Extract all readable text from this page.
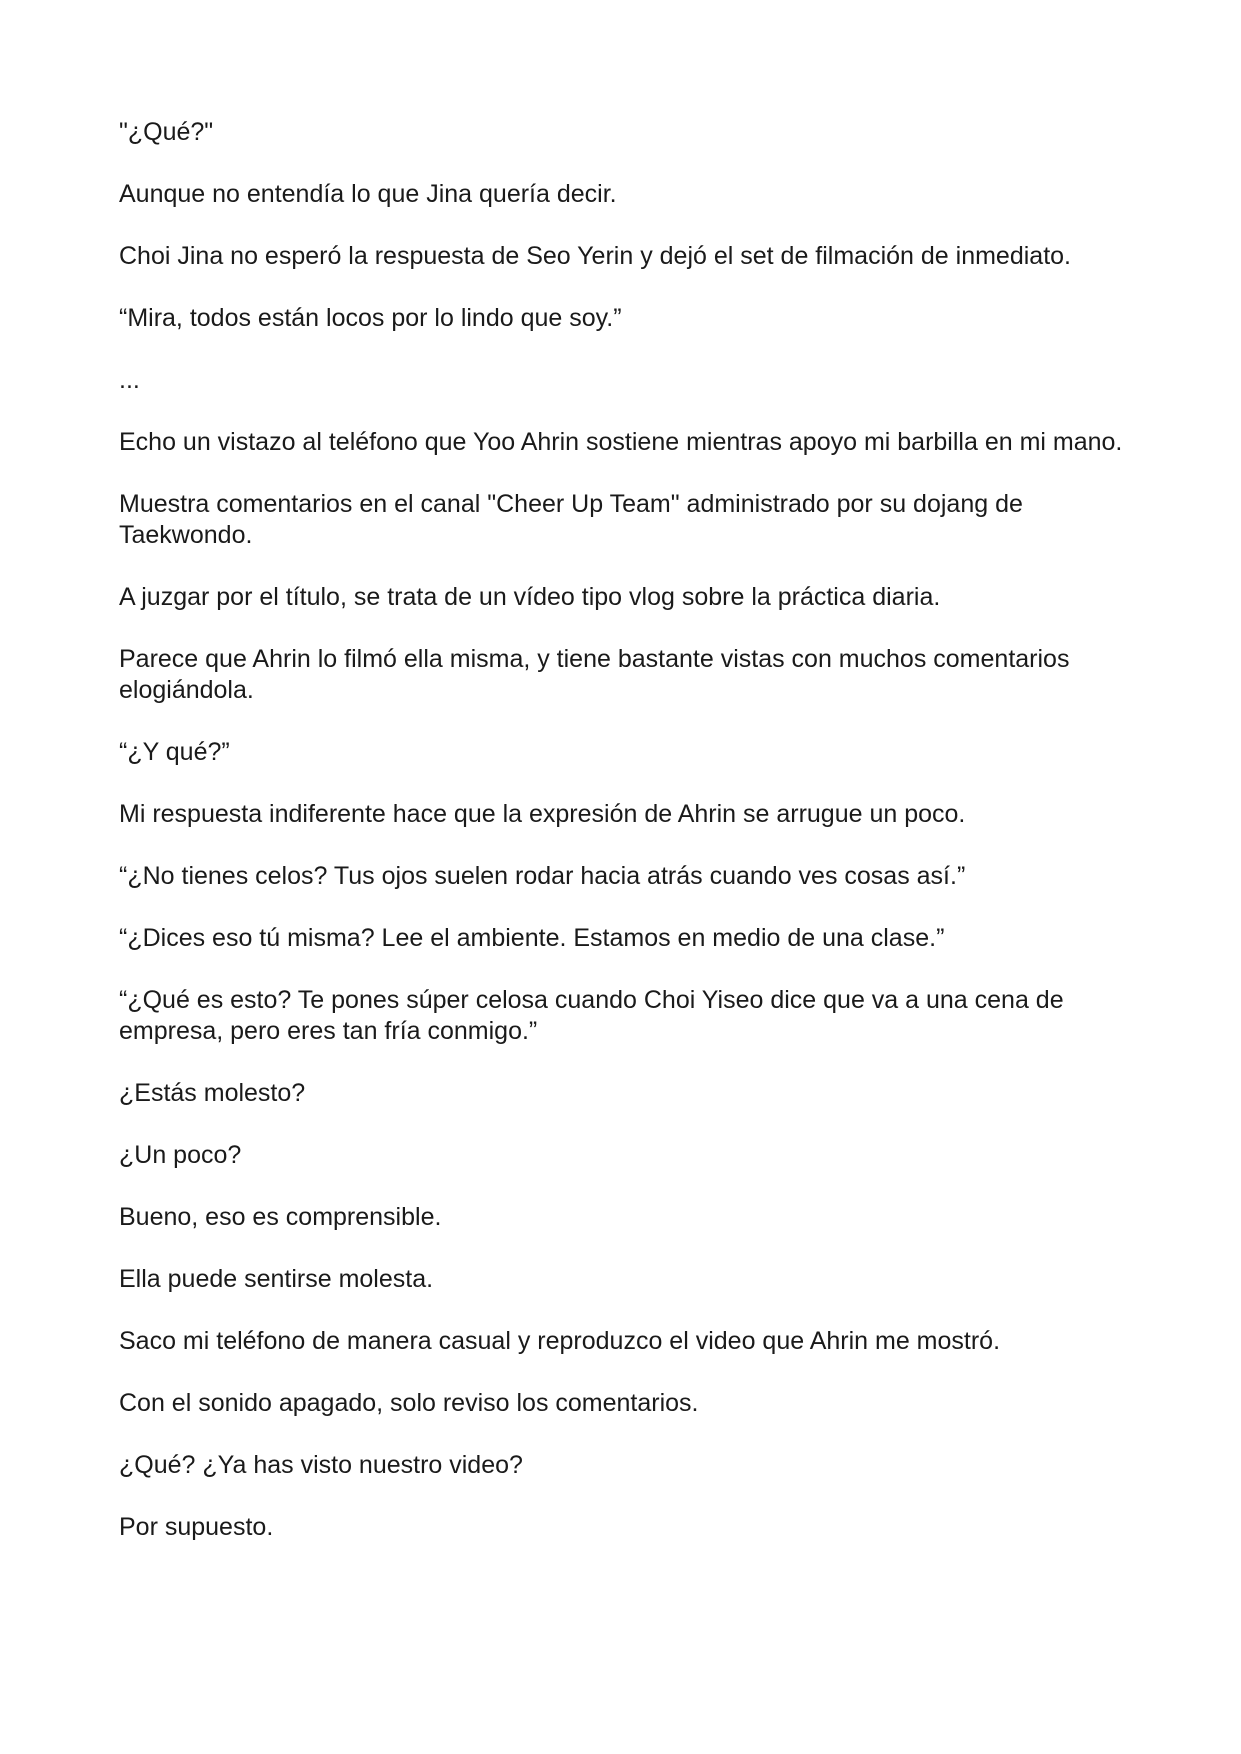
"¿Qué?"

Aunque no entendía lo que Jina quería decir.

Choi Jina no esperó la respuesta de Seo Yerin y dejó el set de filmación de inmediato.

“Mira, todos están locos por lo lindo que soy.”

...

Echo un vistazo al teléfono que Yoo Ahrin sostiene mientras apoyo mi barbilla en mi mano.

Muestra comentarios en el canal "Cheer Up Team" administrado por su dojang de Taekwondo.

A juzgar por el título, se trata de un vídeo tipo vlog sobre la práctica diaria.

Parece que Ahrin lo filmó ella misma, y tiene bastante vistas con muchos comentarios elogiándola.

“¿Y qué?”

Mi respuesta indiferente hace que la expresión de Ahrin se arrugue un poco.

“¿No tienes celos? Tus ojos suelen rodar hacia atrás cuando ves cosas así.”

“¿Dices eso tú misma? Lee el ambiente. Estamos en medio de una clase.”

“¿Qué es esto? Te pones súper celosa cuando Choi Yiseo dice que va a una cena de empresa, pero eres tan fría conmigo.”

¿Estás molesto?

¿Un poco?

Bueno, eso es comprensible.

Ella puede sentirse molesta.

Saco mi teléfono de manera casual y reproduzco el video que Ahrin me mostró.

Con el sonido apagado, solo reviso los comentarios.

¿Qué? ¿Ya has visto nuestro video?

Por supuesto.
